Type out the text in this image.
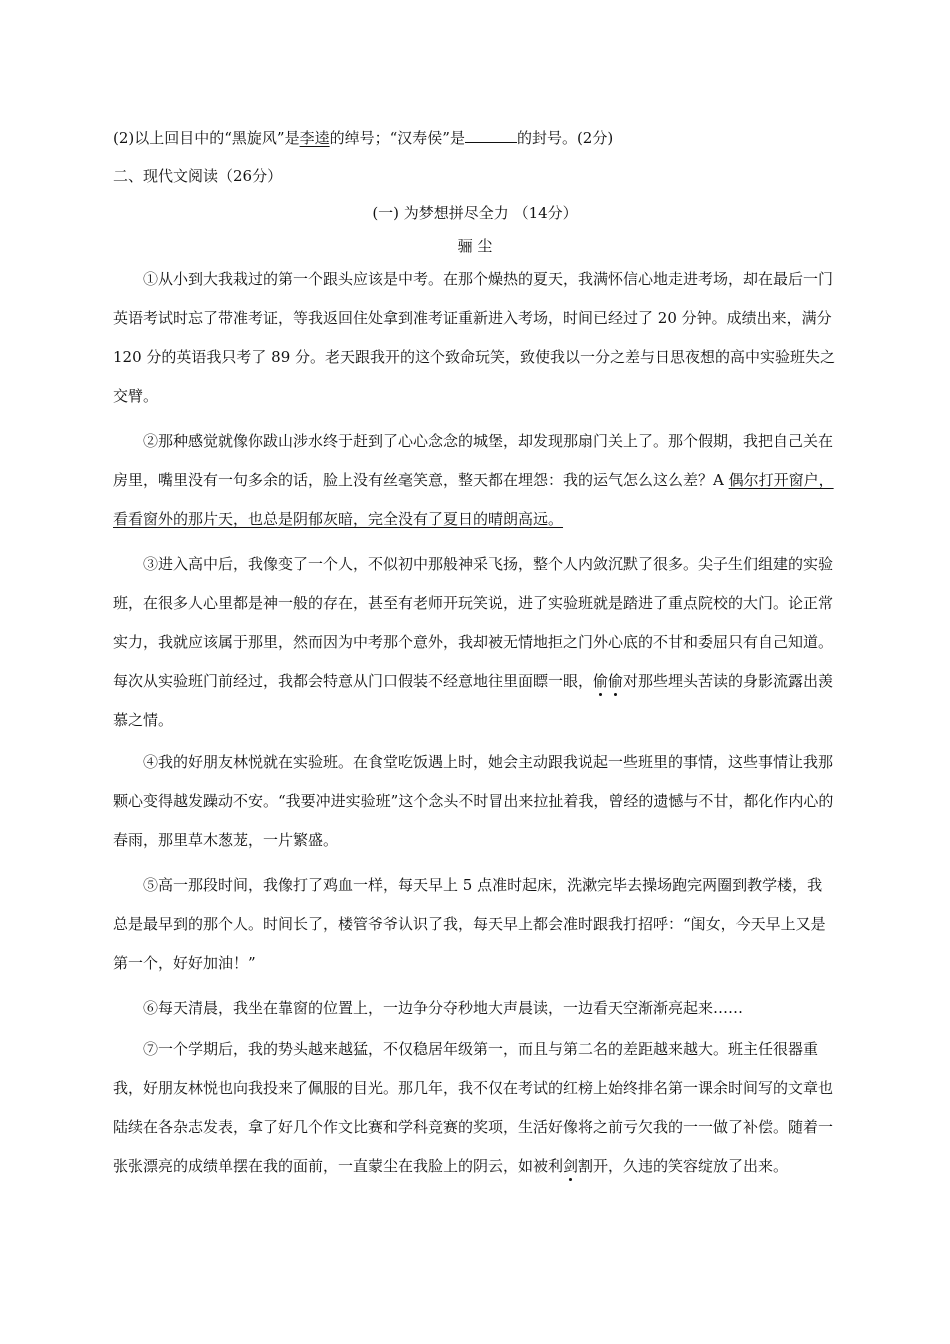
(2)以上回目中的“黑旋风”是李逵的绰号；“汉寿侯”是	的封号。(2分)
二、现代文阅读（26分）
(一) 为梦想拼尽全力 （14分）
骊 尘

①从小到大我栽过的第一个跟头应该是中考。在那个燥热的夏天，我满怀信心地走进考场，却在最后一门英语考试时忘了带准考证，等我返回住处拿到准考证重新进入考场，时间已经过了 20 分钟。成绩出来，满分 120 分的英语我只考了 89 分。老天跟我开的这个致命玩笑，致使我以一分之差与日思夜想的高中实验班失之交臂。

②那种感觉就像你跋山涉水终于赶到了心心念念的城堡，却发现那扇门关上了。那个假期，我把自己关在房里，嘴里没有一句多余的话，脸上没有丝毫笑意，整天都在埋怨：我的运气怎么这么差？A 偶尔打开窗户，看看窗外的那片天，也总是阴郁灰暗，完全没有了夏日的晴朗高远。

③进入高中后，我像变了一个人，不似初中那般神采飞扬，整个人内敛沉默了很多。尖子生们组建的实验班，在很多人心里都是神一般的存在，甚至有老师开玩笑说，进了实验班就是踏进了重点院校的大门。论正常实力，我就应该属于那里，然而因为中考那个意外，我却被无情地拒之门外心底的不甘和委屈只有自己知道。每次从实验班门前经过，我都会特意从门口假装不经意地往里面瞟一眼，偷偷对那些埋头苦读的身影流露出羡慕之情。

④我的好朋友林悦就在实验班。在食堂吃饭遇上时，她会主动跟我说起一些班里的事情，这些事情让我那颗心变得越发躁动不安。“我要冲进实验班”这个念头不时冒出来拉扯着我，曾经的遗憾与不甘，都化作内心的春雨，那里草木葱茏，一片繁盛。

⑤高一那段时间，我像打了鸡血一样，每天早上 5 点准时起床，洗漱完毕去操场跑完两圈到教学楼，我总是最早到的那个人。时间长了，楼管爷爷认识了我，每天早上都会准时跟我打招呼：“闺女，今天早上又是第一个，好好加油！”

⑥每天清晨，我坐在靠窗的位置上，一边争分夺秒地大声晨读，一边看天空渐渐亮起来……

⑦一个学期后，我的势头越来越猛，不仅稳居年级第一，而且与第二名的差距越来越大。班主任很器重我，好朋友林悦也向我投来了佩服的目光。那几年，我不仅在考试的红榜上始终排名第一课余时间写的文章也陆续在各杂志发表，拿了好几个作文比赛和学科竞赛的奖项，生活好像将之前亏欠我的一一做了补偿。随着一张张漂亮的成绩单摆在我的面前，一直蒙尘在我脸上的阴云，如被利剑割开，久违的笑容绽放了出来。
